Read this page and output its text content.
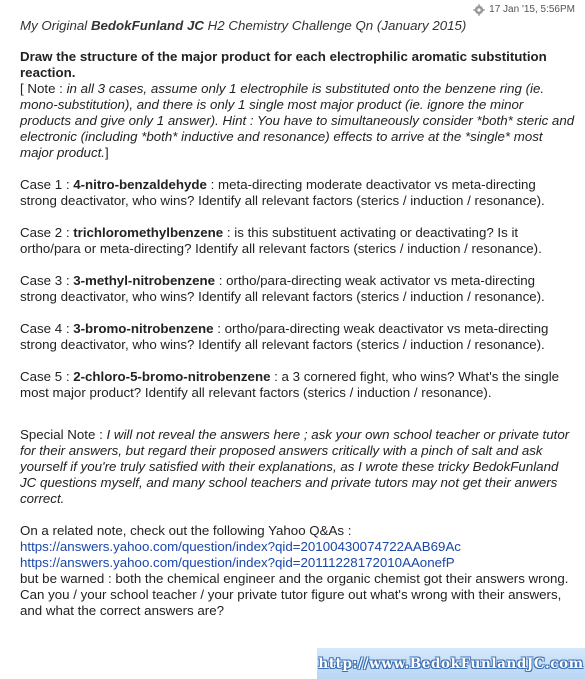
17 Jan '15, 5:56PM

My Original BedokFunland JC H2 Chemistry Challenge Qn (January 2015)

Draw the structure of the major product for each electrophilic aromatic substitution reaction.
[ Note : in all 3 cases, assume only 1 electrophile is substituted onto the benzene ring (ie. mono-substitution), and there is only 1 single most major product (ie. ignore the minor products and give only 1 answer). Hint : You have to simultaneously consider *both* steric and electronic (including *both* inductive and resonance) effects to arrive at the *single* most major product.]

Case 1 : 4-nitro-benzaldehyde : meta-directing moderate deactivator vs meta-directing strong deactivator, who wins? Identify all relevant factors (sterics / induction / resonance).

Case 2 : trichloromethylbenzene : is this substituent activating or deactivating? Is it ortho/para or meta-directing? Identify all relevant factors (sterics / induction / resonance).

Case 3 : 3-methyl-nitrobenzene : ortho/para-directing weak activator vs meta-directing strong deactivator, who wins? Identify all relevant factors (sterics / induction / resonance).

Case 4 : 3-bromo-nitrobenzene : ortho/para-directing weak deactivator vs meta-directing strong deactivator, who wins? Identify all relevant factors (sterics / induction / resonance).

Case 5 : 2-chloro-5-bromo-nitrobenzene : a 3 cornered fight, who wins? What's the single most major product? Identify all relevant factors (sterics / induction / resonance).

Special Note : I will not reveal the answers here ; ask your own school teacher or private tutor for their answers, but regard their proposed answers critically with a pinch of salt and ask yourself if you're truly satisfied with their explanations, as I wrote these tricky BedokFunland JC questions myself, and many school teachers and private tutors may not get their anwers correct.

On a related note, check out the following Yahoo Q&As :
https://answers.yahoo.com/question/index?qid=20100430074722AAB69Ac
https://answers.yahoo.com/question/index?qid=20111228172010AAonefP
but be warned : both the chemical engineer and the organic chemist got their answers wrong. Can you / your school teacher / your private tutor figure out what's wrong with their answers, and what the correct answers are?
http://www.BedokFunlandJC.com
